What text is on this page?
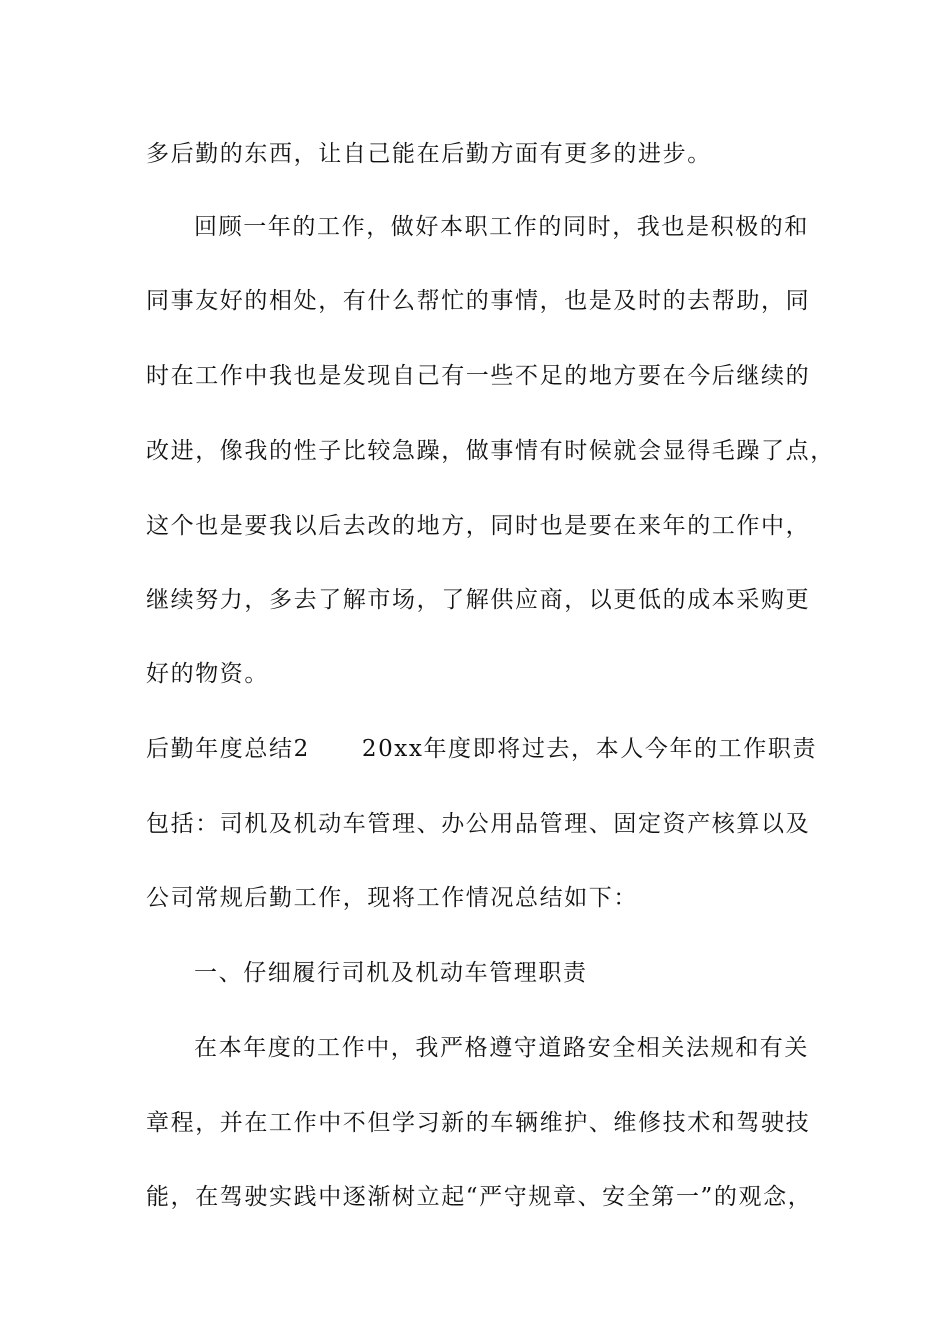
多后勤的东西，让自己能在后勤方面有更多的进步。
回顾一年的工作，做好本职工作的同时，我也是积极的和
同事友好的相处，有什么帮忙的事情，也是及时的去帮助，同
时在工作中我也是发现自己有一些不足的地方要在今后继续的
改进，像我的性子比较急躁，做事情有时候就会显得毛躁了点，
这个也是要我以后去改的地方，同时也是要在来年的工作中，
继续努力，多去了解市场，了解供应商，以更低的成本采购更
好的物资。
后勤年度总结2 20xx年度即将过去，本人今年的工作职责
包括：司机及机动车管理、办公用品管理、固定资产核算以及
公司常规后勤工作，现将工作情况总结如下：
一、仔细履行司机及机动车管理职责
在本年度的工作中，我严格遵守道路安全相关法规和有关
章程，并在工作中不但学习新的车辆维护、维修技术和驾驶技
能，在驾驶实践中逐渐树立起“严守规章、安全第一”的观念，
